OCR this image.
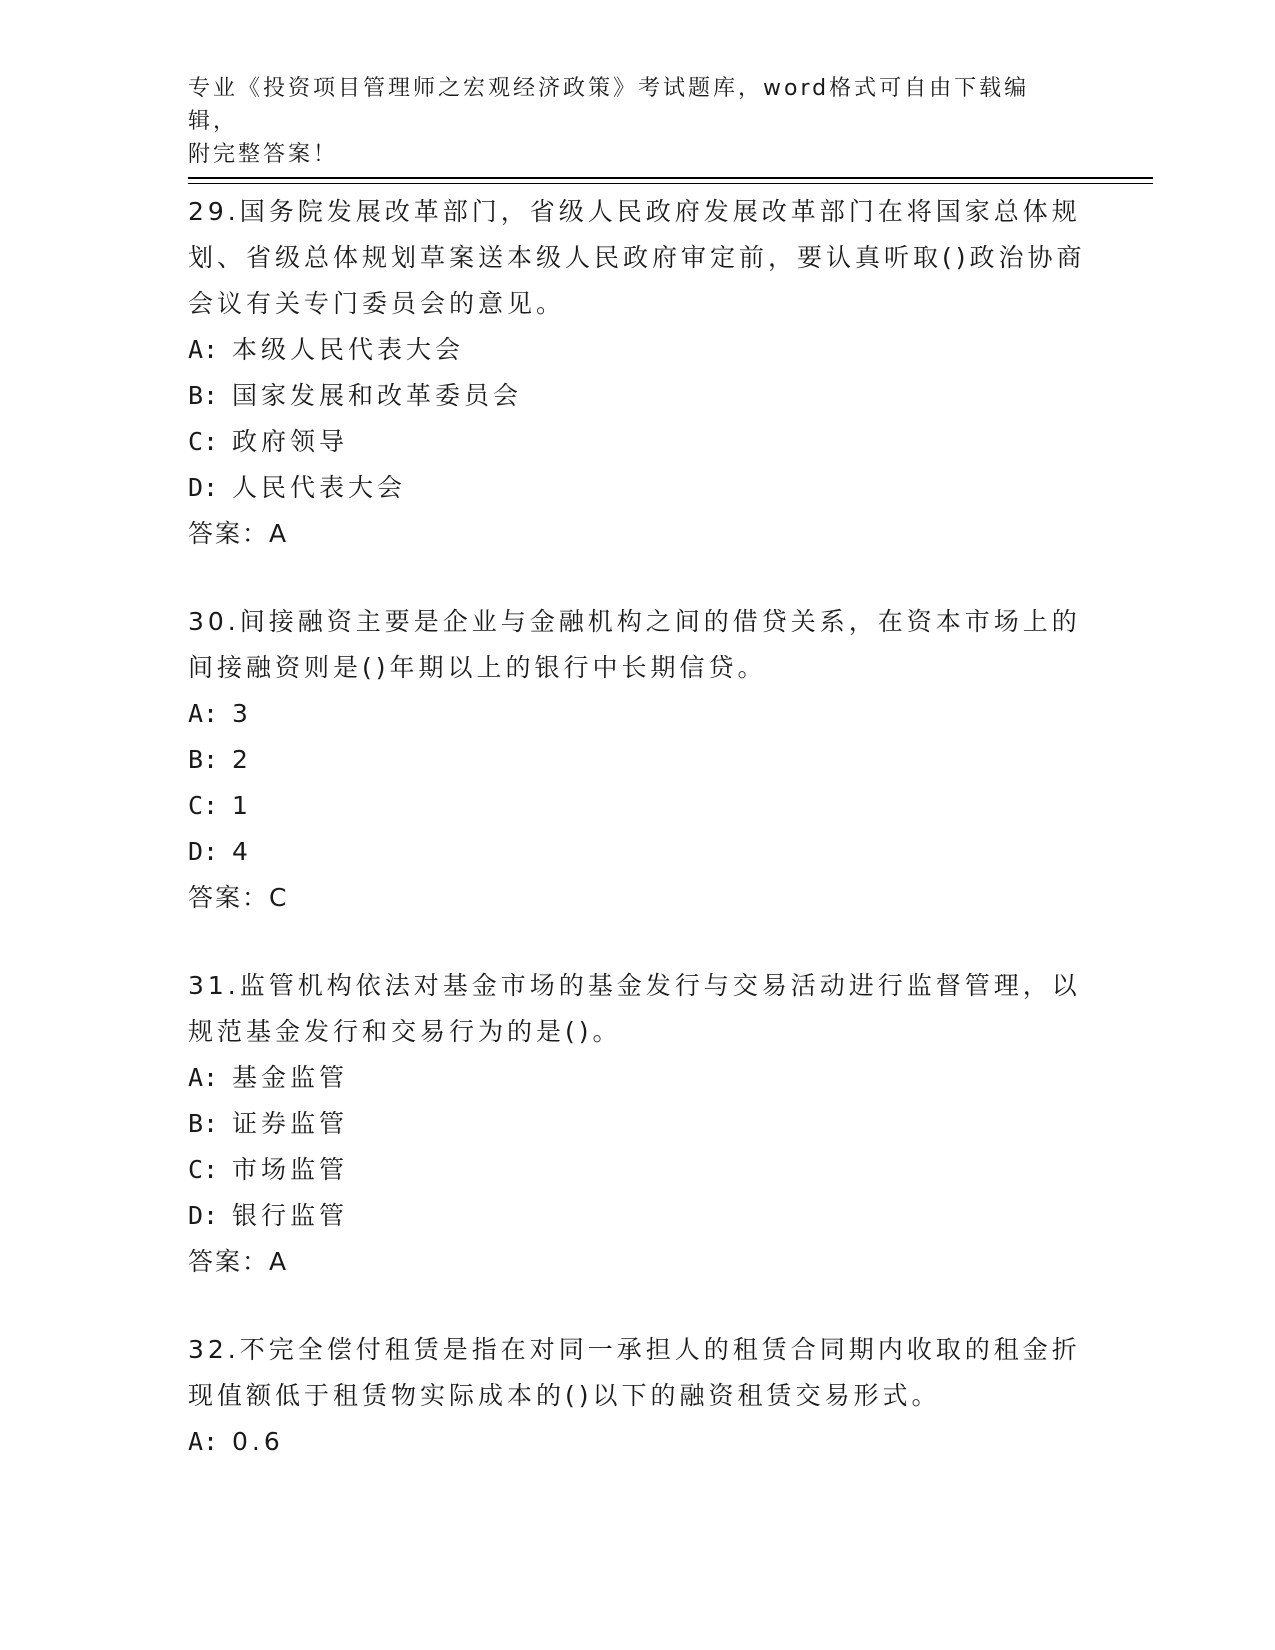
专业《投资项目管理师之宏观经济政策》考试题库，word格式可自由下载编辑，
附完整答案！

29.国务院发展改革部门，省级人民政府发展改革部门在将国家总体规划、省级总体规划草案送本级人民政府审定前，要认真听取()政治协商会议有关专门委员会的意见。

A: 本级人民代表大会
B: 国家发展和改革委员会
C: 政府领导
D: 人民代表大会
答案：A

30.间接融资主要是企业与金融机构之间的借贷关系，在资本市场上的间接融资则是()年期以上的银行中长期信贷。

A: 3
B: 2
C: 1
D: 4
答案：C

31.监管机构依法对基金市场的基金发行与交易活动进行监督管理，以规范基金发行和交易行为的是()。

A: 基金监管
B: 证券监管
C: 市场监管
D: 银行监管
答案：A

32.不完全偿付租赁是指在对同一承担人的租赁合同期内收取的租金折现值额低于租赁物实际成本的()以下的融资租赁交易形式。

A: 0.6
